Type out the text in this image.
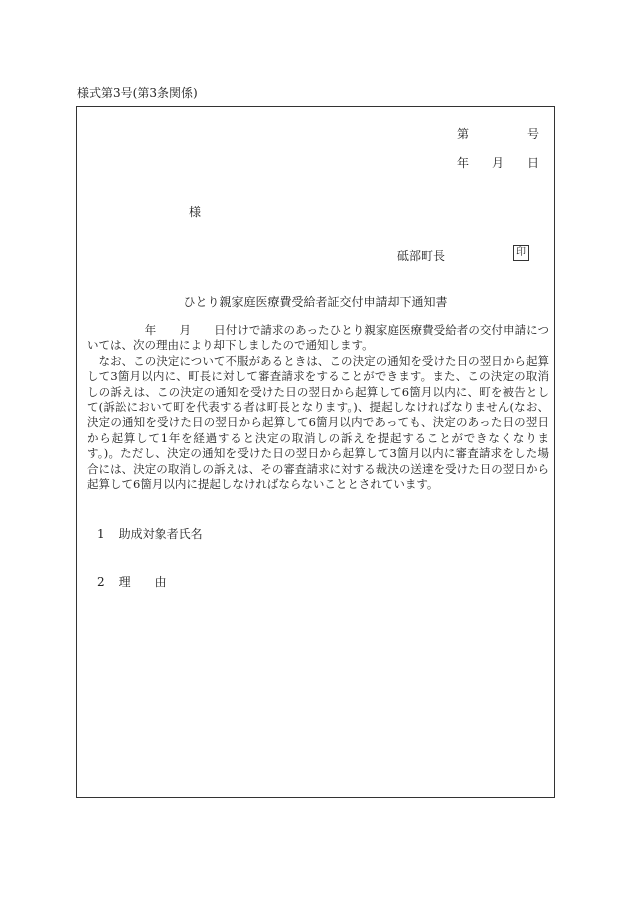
様式第3号(第3条関係)
第	号
年 月 日
様
砥部町長	印
ひとり親家庭医療費受給者証交付申請却下通知書

　　　　　年　　月　　日付けで請求のあったひとり親家庭医療費受給者の交付申請については、次の理由により却下しましたので通知します。

　なお、この決定について不服があるときは、この決定の通知を受けた日の翌日から起算して3箇月以内に、町長に対して審査請求をすることができます。また、この決定の取消しの訴えは、この決定の通知を受けた日の翌日から起算して6箇月以内に、町を被告として(訴訟において町を代表する者は町長となります。)、提起しなければなりません(なお、決定の通知を受けた日の翌日から起算して6箇月以内であっても、決定のあった日の翌日から起算して1年を経過すると決定の取消しの訴えを提起することができなくなります。)。ただし、決定の通知を受けた日の翌日から起算して3箇月以内に審査請求をした場合には、決定の取消しの訴えは、その審査請求に対する裁決の送達を受けた日の翌日から起算して6箇月以内に提起しなければならないこととされています。

1 助成対象者氏名
2 理　　由
